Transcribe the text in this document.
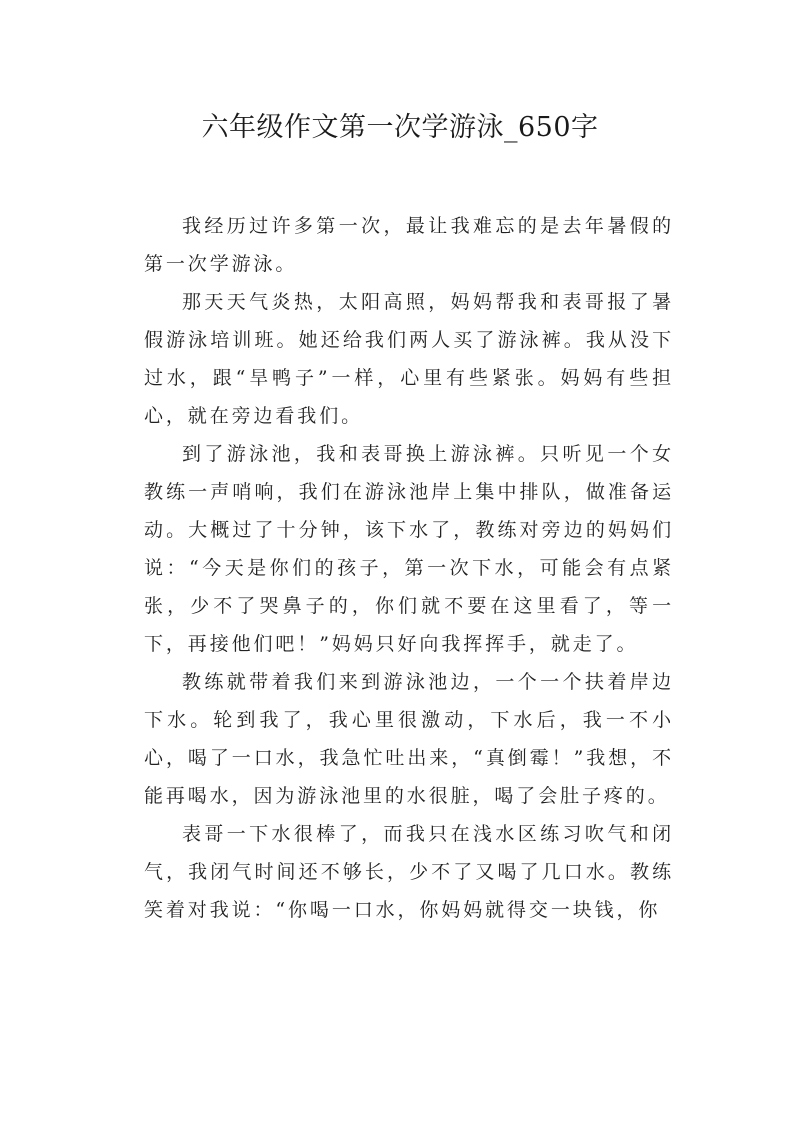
六年级作文第一次学游泳_650字

我经历过许多第一次，最让我难忘的是去年暑假的第一次学游泳。

那天天气炎热，太阳高照，妈妈帮我和表哥报了暑假游泳培训班。她还给我们两人买了游泳裤。我从没下过水，跟“旱鸭子”一样，心里有些紧张。妈妈有些担心，就在旁边看我们。

到了游泳池，我和表哥换上游泳裤。只听见一个女教练一声哨响，我们在游泳池岸上集中排队，做准备运动。大概过了十分钟，该下水了，教练对旁边的妈妈们说：“今天是你们的孩子，第一次下水，可能会有点紧张，少不了哭鼻子的，你们就不要在这里看了，等一下，再接他们吧！”妈妈只好向我挥挥手，就走了。

教练就带着我们来到游泳池边，一个一个扶着岸边下水。轮到我了，我心里很激动，下水后，我一不小心，喝了一口水，我急忙吐出来，“真倒霉！”我想，不能再喝水，因为游泳池里的水很脏，喝了会肚子疼的。

表哥一下水很棒了，而我只在浅水区练习吹气和闭气，我闭气时间还不够长，少不了又喝了几口水。教练笑着对我说：“你喝一口水，你妈妈就得交一块钱，你
